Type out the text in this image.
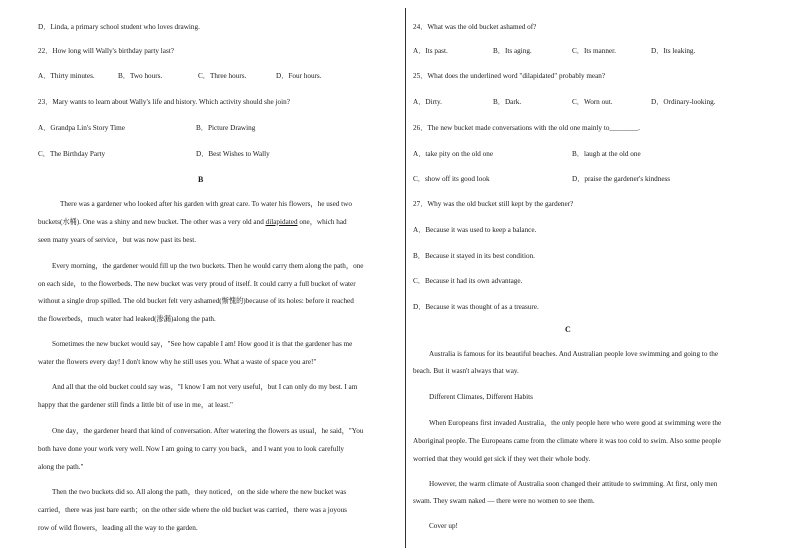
D．Linda, a primary school student who loves drawing.
22．How long will Wally's birthday party last?
A．Thirty minutes.	B．Two hours.	C．Three hours.	D．Four hours.
23．Mary wants to learn about Wally's life and history. Which activity should she join?
A．Grandpa Lin's Story Time	B．Picture Drawing
C．The Birthday Party	D．Best Wishes to Wally
B
There was a gardener who looked after his garden with great care. To water his flowers，he used two
buckets(水桶). One was a shiny and new bucket. The other was a very old and dilapidated one，which had
seen many years of service，but was now past its best.
Every morning，the gardener would fill up the two buckets. Then he would carry them along the path，one
on each side，to the flowerbeds. The new bucket was very proud of itself. It could carry a full bucket of water
without a single drop spilled. The old bucket felt very ashamed(惭愧的)because of its holes: before it reached
the flowerbeds，much water had leaked(渗漏)along the path.
Sometimes the new bucket would say，"See how capable I am! How good it is that the gardener has me
water the flowers every day! I don't know why he still uses you. What a waste of space you are!"
And all that the old bucket could say was，"I know I am not very useful，but I can only do my best. I am
happy that the gardener still finds a little bit of use in me，at least."
One day，the gardener heard that kind of conversation. After watering the flowers as usual，he said，"You
both have done your work very well. Now I am going to carry you back，and I want you to look carefully
along the path."
Then the two buckets did so. All along the path，they noticed，on the side where the new bucket was
carried，there was just bare earth；on the other side where the old bucket was carried，there was a joyous
row of wild flowers，leading all the way to the garden.
24．What was the old bucket ashamed of?
A．Its past.	B．Its aging.	C．Its manner.	D．Its leaking.
25．What does the underlined word "dilapidated" probably mean?
A．Dirty.	B．Dark.	C．Worn out.	D．Ordinary-looking.
26．The new bucket made conversations with the old one mainly to________.
A．take pity on the old one	B．laugh at the old one
C．show off its good look	D．praise the gardener's kindness
27．Why was the old bucket still kept by the gardener?
A．Because it was used to keep a balance.
B．Because it stayed in its best condition.
C．Because it had its own advantage.
D．Because it was thought of as a treasure.
C
Australia is famous for its beautiful beaches. And Australian people love swimming and going to the
beach. But it wasn't always that way.
Different Climates, Different Habits
When Europeans first invaded Australia，the only people here who were good at swimming were the
Aboriginal people. The Europeans came from the climate where it was too cold to swim. Also some people
worried that they would get sick if they wet their whole body.
However, the warm climate of Australia soon changed their attitude to swimming. At first, only men
swam. They swam naked — there were no women to see them.
Cover up!
